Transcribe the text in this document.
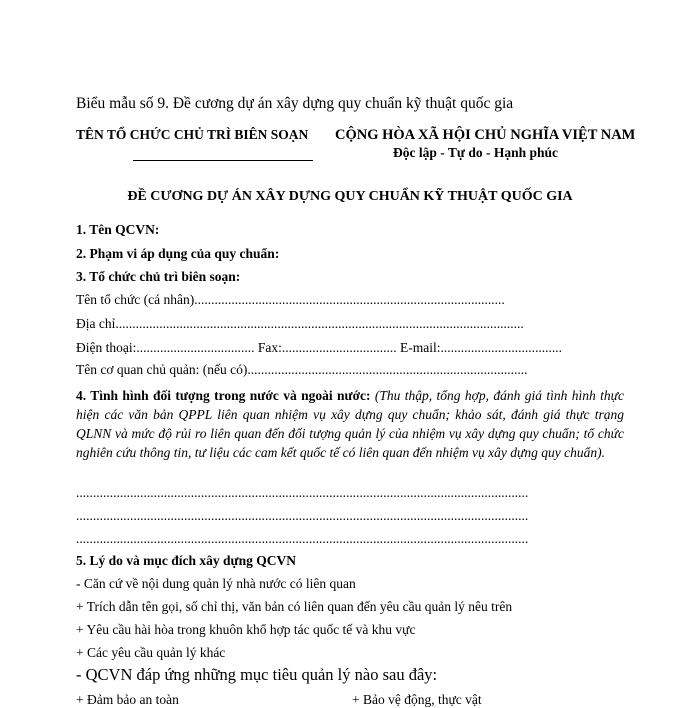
Biểu mẫu số 9. Đề cương dự án xây dựng quy chuẩn kỹ thuật quốc gia
TÊN TỔ CHỨC CHỦ TRÌ BIÊN SOẠN CỘNG HÒA XÃ HỘI CHỦ NGHĨA VIỆT NAM
Độc lập - Tự do - Hạnh phúc
ĐỀ CƯƠNG DỰ ÁN XÂY DỰNG QUY CHUẨN KỸ THUẬT QUỐC GIA
1. Tên QCVN:
2. Phạm vi áp dụng của quy chuẩn:
3. Tổ chức chủ trì biên soạn:
Tên tổ chức (cá nhân)............................................................................................
Địa chỉ.........................................................................................................................
Điện thoại:................................... Fax:.................................. E-mail:....................................
Tên cơ quan chủ quản: (nếu có)...................................................................................
4. Tình hình đối tượng trong nước và ngoài nước: (Thu thập, tổng hợp, đánh giá tình hình thực hiện các văn bản QPPL liên quan nhiệm vụ xây dựng quy chuẩn; khảo sát, đánh giá thực trạng QLNN và mức độ rủi ro liên quan đến đối tượng quản lý của nhiệm vụ xây dựng quy chuẩn; tổ chức nghiên cứu thông tin, tư liệu các cam kết quốc tế có liên quan đến nhiệm vụ xây dựng quy chuẩn).
......................................................................................................................................
......................................................................................................................................
......................................................................................................................................
5. Lý do và mục đích xây dựng QCVN
- Căn cứ về nội dung quản lý nhà nước có liên quan
+ Trích dẫn tên gọi, số chỉ thị, văn bản có liên quan đến yêu cầu quản lý nêu trên
+ Yêu cầu hài hòa trong khuôn khổ hợp tác quốc tế và khu vực
+ Các yêu cầu quản lý khác
- QCVN đáp ứng những mục tiêu quản lý nào sau đây:
+ Đảm bảo an toàn	+ Bảo vệ động, thực vật
